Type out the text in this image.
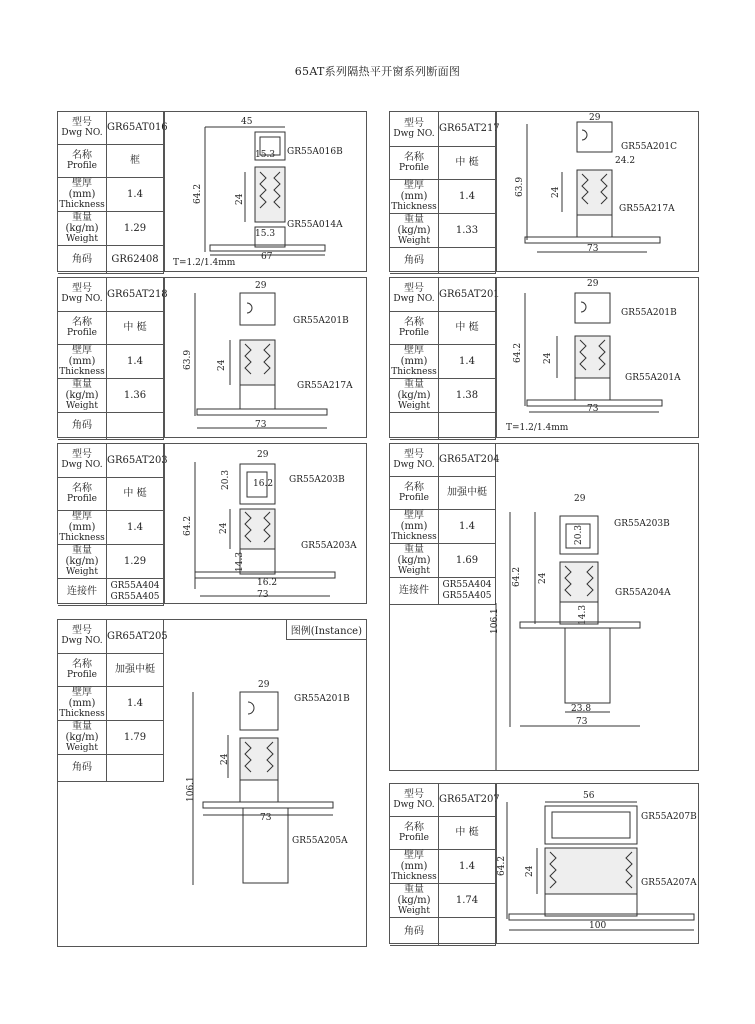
65AT系列隔热平开窗系列断面图
型号
Dwg NO.	GR65AT016

名称
Profile	框

壁厚 (mm)
Thickness	1.4

重量 (kg/m)
Weight	1.29
角码	GR62408
45
15.3 GR55A016B
24
64.2
GR55A014A
15.3
67
T=1.2/1.4mm
型号
Dwg NO.	GR65AT217

名称
Profile	中 梃

壁厚 (mm)
Thickness	1.4

重量 (kg/m)
Weight	1.33
角码	
29
GR55A201C
24.2
24
63.9
GR55A217A
73
型号
Dwg NO.	GR65AT218

名称
Profile	中 梃

壁厚 (mm)
Thickness	1.4

重量 (kg/m)
Weight	1.36
角码	
29
GR55A201B
24
63.9
GR55A217A
73
型号
Dwg NO.	GR65AT201

名称
Profile	中 梃

壁厚 (mm)
Thickness	1.4

重量 (kg/m)
Weight	1.38

29
GR55A201B
24
64.2
GR55A201A
73
T=1.2/1.4mm
型号
Dwg NO.	GR65AT203

名称
Profile	中 梃

壁厚 (mm)
Thickness	1.4

重量 (kg/m)
Weight	1.29
连接件	GR55A404
GR55A405
29
20.3 16.2 GR55A203B
24
64.2
GR55A203A
14.3
16.2
73
型号
Dwg NO.	GR65AT204

名称
Profile	加强中梃

壁厚 (mm)
Thickness	1.4

重量 (kg/m)
Weight	1.69
连接件	GR55A404
GR55A405
29
GR55A203B
20.3
24
64.2
GR55A204A
14.3
106.1
23.8
73
图例(Instance)
型号
Dwg NO.	GR65AT205

名称
Profile	加强中梃

壁厚 (mm)
Thickness	1.4

重量 (kg/m)
Weight	1.79
角码	
29
GR55A201B
24
106.1
73
GR55A205A
型号
Dwg NO.	GR65AT207

名称
Profile	中 梃

壁厚 (mm)
Thickness	1.4

重量 (kg/m)
Weight	1.74
角码	
56
GR55A207B
24
64.2
GR55A207A
100
